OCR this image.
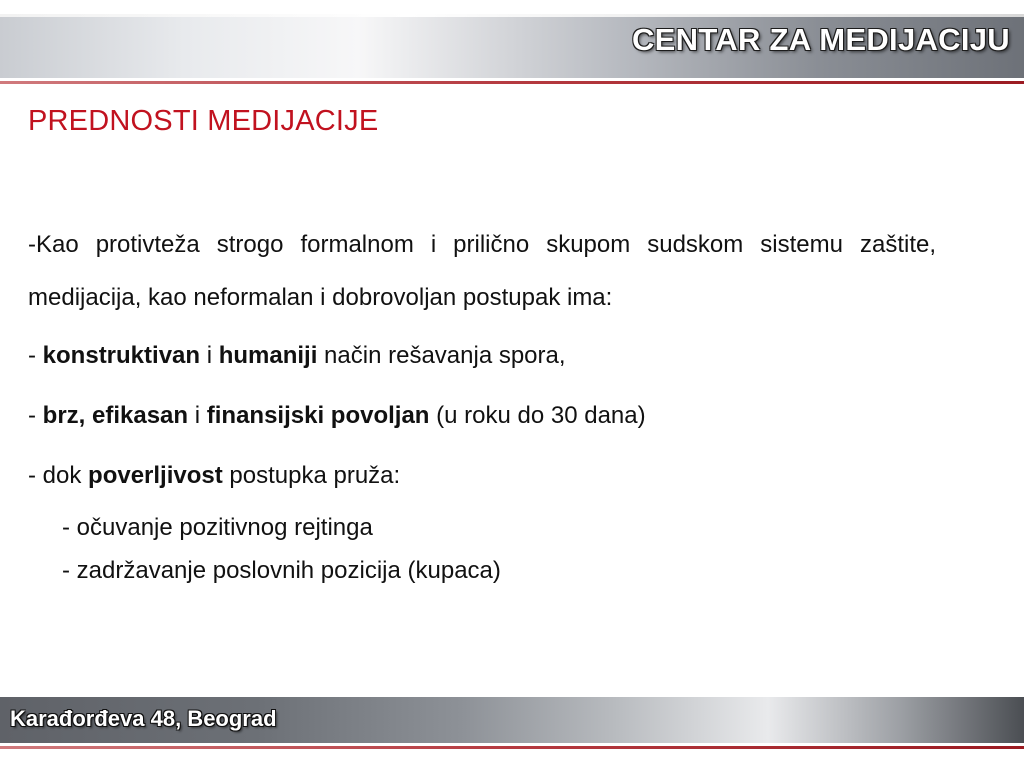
CENTAR ZA MEDIJACIJU
PREDNOSTI MEDIJACIJE

-Kao protivteža strogo formalnom i prilično skupom sudskom sistemu zaštite, medijacija, kao neformalan i dobrovoljan postupak ima:

- konstruktivan i humaniji način rešavanja spora,

- brz, efikasan i finansijski povoljan (u roku do 30 dana)

- dok poverljivost postupka pruža:

- očuvanje pozitivnog rejtinga

- zadržavanje poslovnih pozicija (kupaca)

Karađorđeva 48, Beograd
